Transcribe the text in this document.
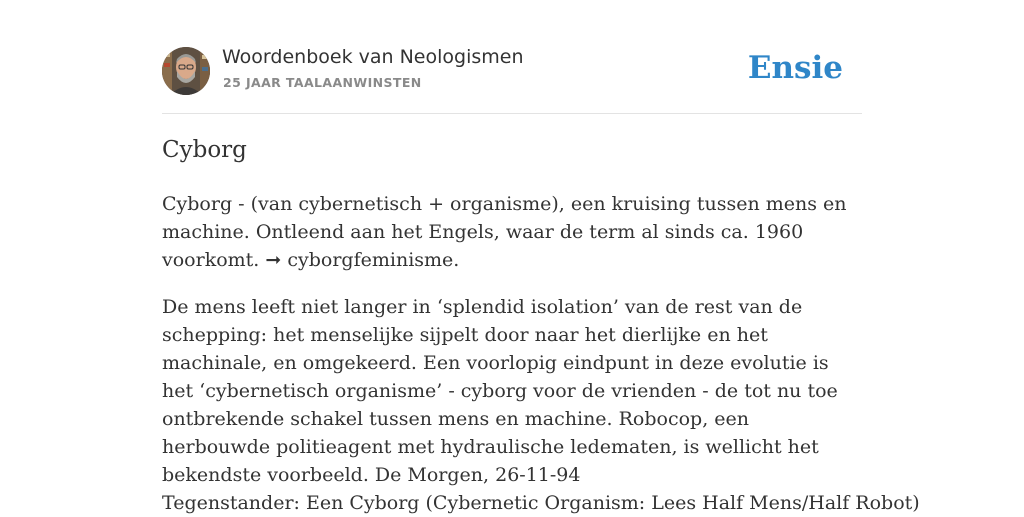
Woordenboek van Neologismen
25 JAAR TAALAANWINSTEN	Ensie
Cyborg
Cyborg - (van cybernetisch + organisme), een kruising tussen mens en machine. Ontleend aan het Engels, waar de term al sinds ca. 1960 voorkomt. ➞ cyborgfeminisme.
De mens leeft niet langer in ‘splendid isolation’ van de rest van de schepping: het menselijke sijpelt door naar het dierlijke en het machinale, en omgekeerd. Een voorlopig eindpunt in deze evolutie is het ‘cybernetisch organisme’ - cyborg voor de vrienden - de tot nu toe ontbrekende schakel tussen mens en machine. Robocop, een herbouwde politieagent met hydraulische ledematen, is wellicht het bekendste voorbeeld. De Morgen, 26-11-94
Tegenstander: Een Cyborg (Cybernetic Organism: Lees Half Mens/Half Robot)
